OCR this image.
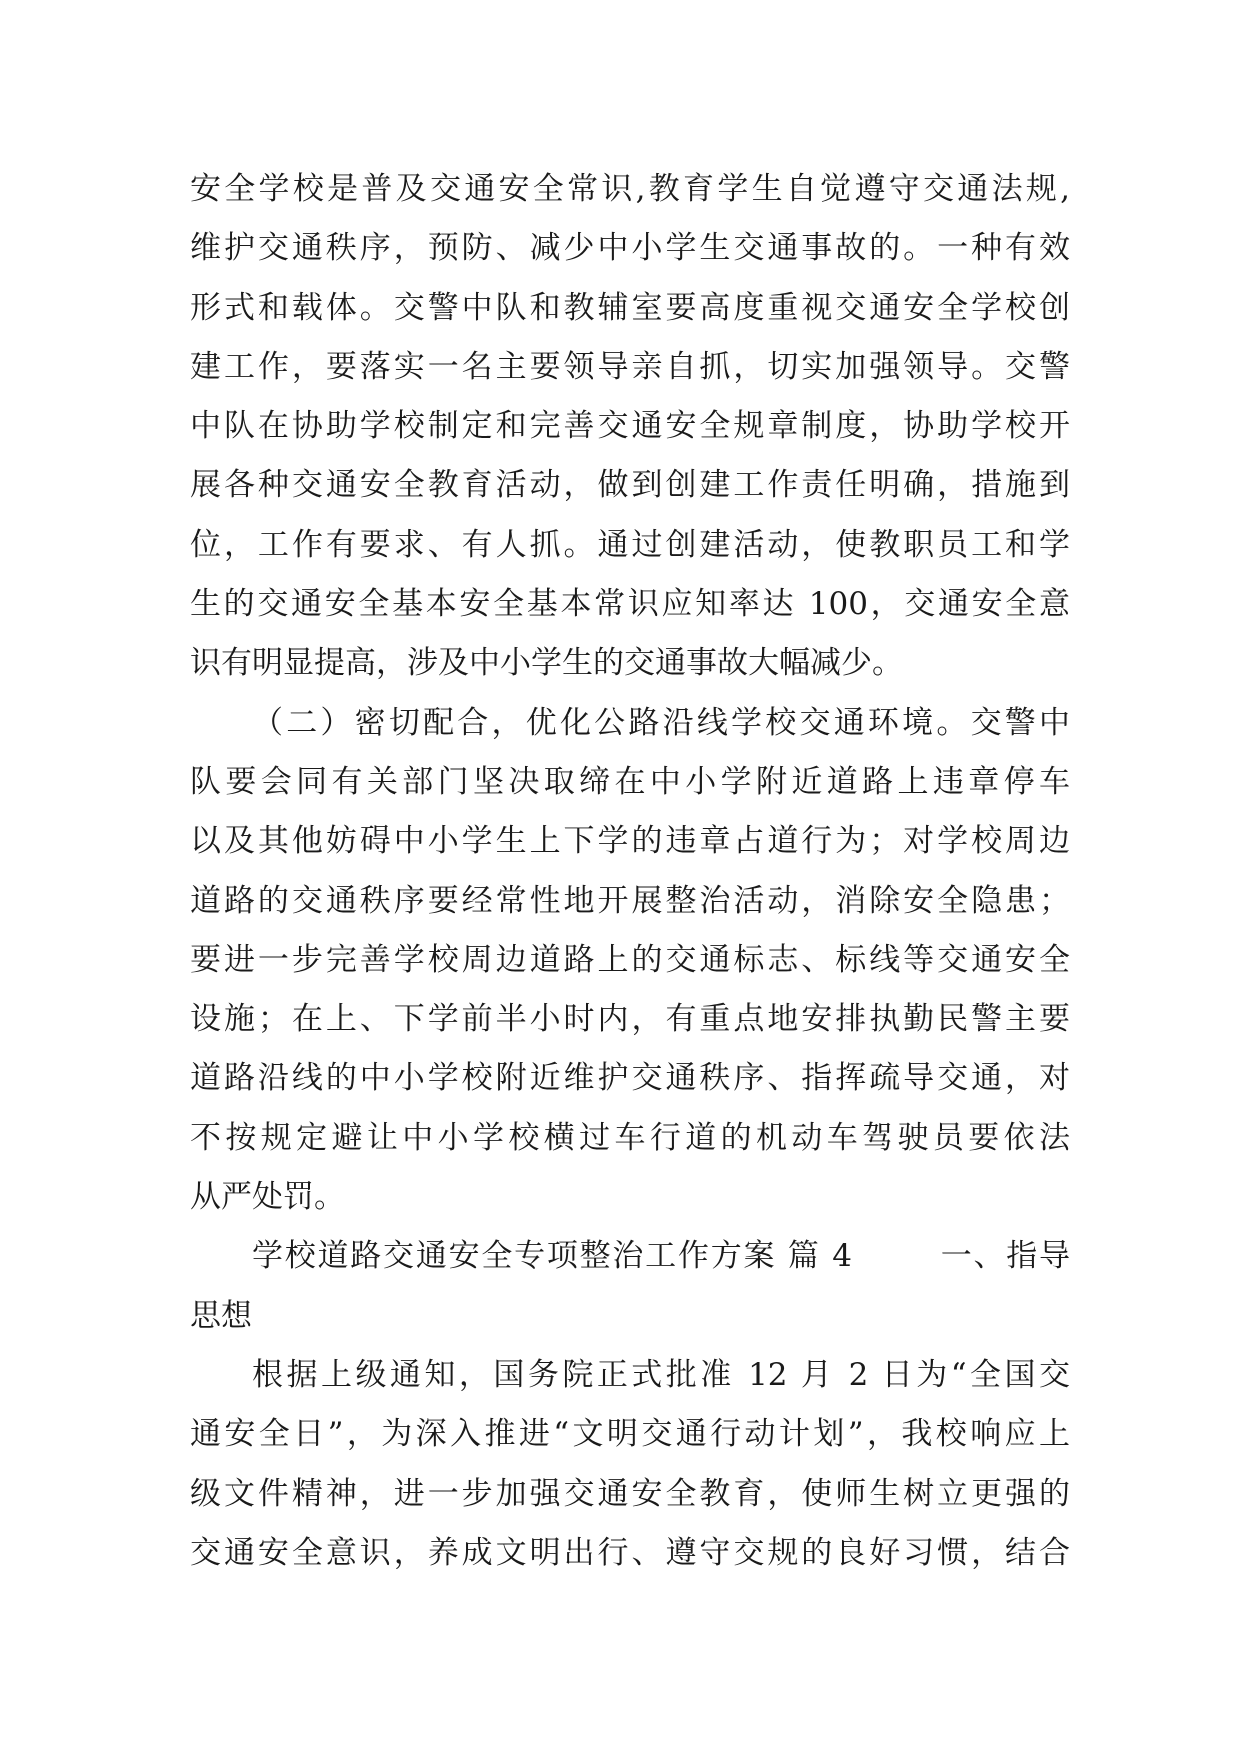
安全学校是普及交通安全常识,教育学生自觉遵守交通法规,
维护交通秩序，预防、减少中小学生交通事故的。一种有效
形式和载体。交警中队和教辅室要高度重视交通安全学校创
建工作，要落实一名主要领导亲自抓，切实加强领导。交警
中队在协助学校制定和完善交通安全规章制度，协助学校开
展各种交通安全教育活动，做到创建工作责任明确，措施到
位，工作有要求、有人抓。通过创建活动，使教职员工和学
生的交通安全基本安全基本常识应知率达 100，交通安全意
识有明显提高，涉及中小学生的交通事故大幅减少。
（二）密切配合，优化公路沿线学校交通环境。交警中
队要会同有关部门坚决取缔在中小学附近道路上违章停车
以及其他妨碍中小学生上下学的违章占道行为；对学校周边
道路的交通秩序要经常性地开展整治活动，消除安全隐患；
要进一步完善学校周边道路上的交通标志、标线等交通安全
设施；在上、下学前半小时内，有重点地安排执勤民警主要
道路沿线的中小学校附近维护交通秩序、指挥疏导交通，对
不按规定避让中小学校横过车行道的机动车驾驶员要依法
从严处罚。
学校道路交通安全专项整治工作方案 篇 4 　　 一、指导
思想
根据上级通知，国务院正式批准 12 月 2 日为“全国交
通安全日”，为深入推进“文明交通行动计划”，我校响应上
级文件精神，进一步加强交通安全教育，使师生树立更强的
交通安全意识，养成文明出行、遵守交规的良好习惯，结合
